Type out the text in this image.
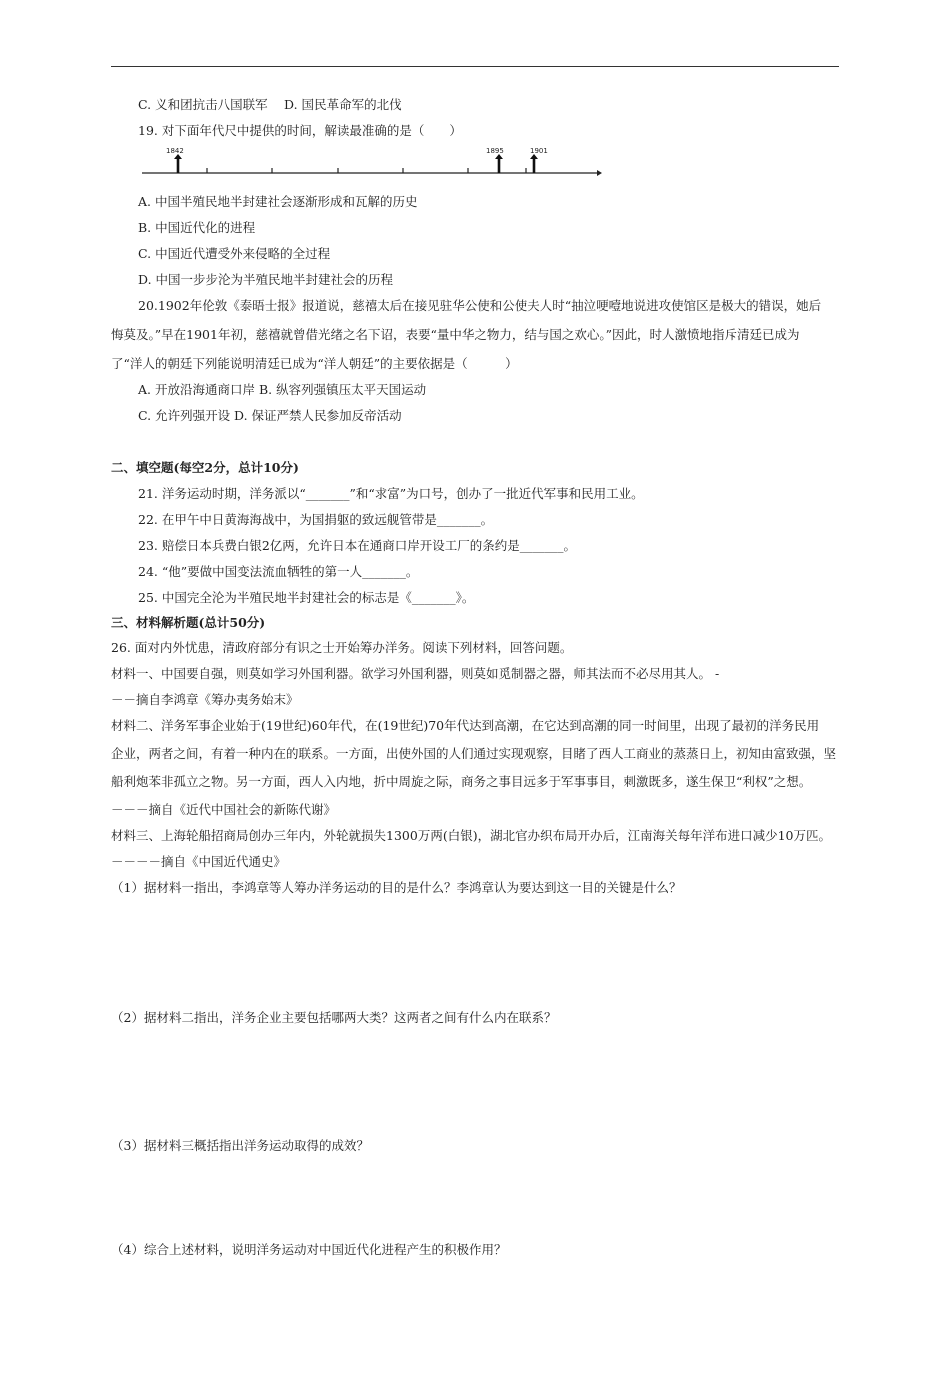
C. 义和团抗击八国联军　 D. 国民革命军的北伐
19. 对下面年代尺中提供的时间，解读最准确的是（　　）
1842	1895	1901
A. 中国半殖民地半封建社会逐渐形成和瓦解的历史
B. 中国近代化的进程
C. 中国近代遭受外来侵略的全过程
D. 中国一步步沦为半殖民地半封建社会的历程
20.1902年伦敦《泰晤士报》报道说，慈禧太后在接见驻华公使和公使夫人时“抽泣哽噎地说进攻使馆区是极大的错误，她后
悔莫及。”早在1901年初，慈禧就曾借光绪之名下诏，表要“量中华之物力，结与国之欢心。”因此，时人激愤地指斥清廷已成为
了“洋人的朝廷下列能说明清廷已成为“洋人朝廷”的主要依据是（　　　）
A. 开放沿海通商口岸 B. 纵容列强镇压太平天国运动
C. 允许列强开设 D. 保证严禁人民参加反帝活动
二、填空题(每空2分，总计10分)
21. 洋务运动时期，洋务派以“_______”和“求富”为口号，创办了一批近代军事和民用工业。
22. 在甲午中日黄海海战中，为国捐躯的致远舰管带是_______。
23. 赔偿日本兵费白银2亿两，允许日本在通商口岸开设工厂的条约是_______。
24. “他”要做中国变法流血牺牲的第一人_______。
25. 中国完全沦为半殖民地半封建社会的标志是《_______》。
三、材料解析题(总计50分)
26. 面对内外忧患，清政府部分有识之士开始筹办洋务。阅读下列材料，回答问题。
材料一、中国要自强，则莫如学习外国利器。欲学习外国利器，则莫如觅制器之器，师其法而不必尽用其人。 -
－－摘自李鸿章《筹办夷务始末》
材料二、洋务军事企业始于(19世纪)60年代，在(19世纪)70年代达到高潮，在它达到高潮的同一时间里，出现了最初的洋务民用
企业，两者之间，有着一种内在的联系。一方面，出使外国的人们通过实现观察，目睹了西人工商业的蒸蒸日上，初知由富致强，坚
船利炮苯非孤立之物。另一方面，西人入内地，折中周旋之际，商务之事目远多于军事事目，刺激既多，遂生保卫“利权”之想。
－－－摘自《近代中国社会的新陈代谢》
材料三、上海轮船招商局创办三年内，外轮就损失1300万两(白银)，湖北官办织布局开办后，江南海关每年洋布进口减少10万匹。
－－－－摘自《中国近代通史》
（1）据材料一指出，李鸿章等人筹办洋务运动的目的是什么？李鸿章认为要达到这一目的关键是什么？
（2）据材料二指出，洋务企业主要包括哪两大类？这两者之间有什么内在联系？
（3）据材料三概括指出洋务运动取得的成效？
（4）综合上述材料，说明洋务运动对中国近代化进程产生的积极作用？
